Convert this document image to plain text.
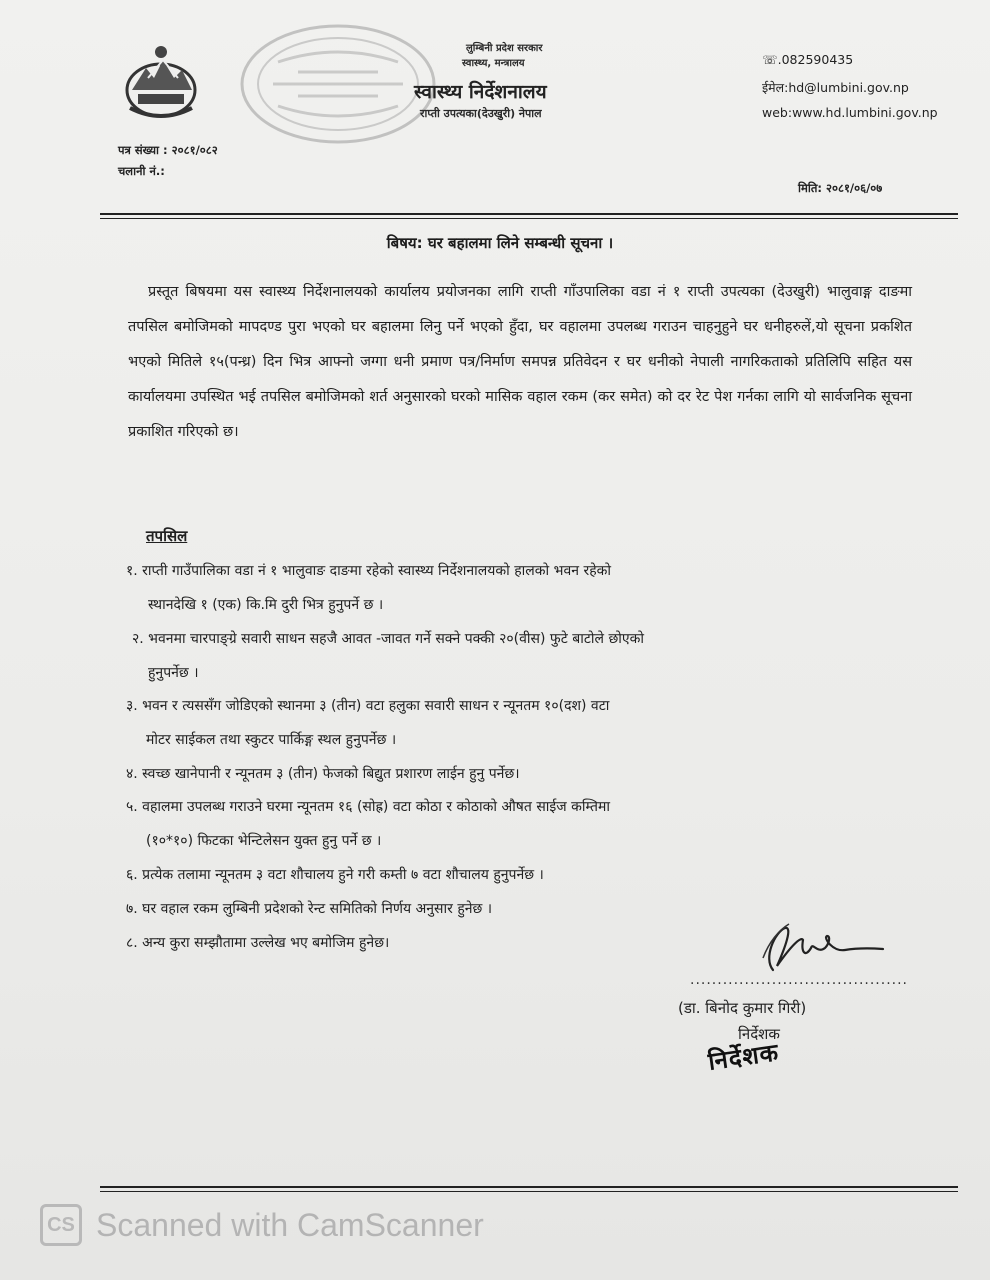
लुम्बिनी प्रदेश सरकार
स्वास्थ्य, मन्त्रालय
स्वास्थ्य निर्देशनालय
राप्ती उपत्यका(देउखुरी) नेपाल
☏.082590435
ईमेल:hd@lumbini.gov.np
web:www.hd.lumbini.gov.np
पत्र संख्या : २०८१/०८२
चलानी नं.:
मिति: २०८१/०६/०७
बिषय: घर बहालमा लिने सम्बन्धी सूचना ।
प्रस्तूत बिषयमा यस स्वास्थ्य निर्देशनालयको कार्यालय प्रयोजनका लागि राप्ती गाँउपालिका वडा नं १ राप्ती उपत्यका (देउखुरी) भालुवाङ्ग दाङमा तपसिल बमोजिमको मापदण्ड पुरा भएको घर बहालमा लिनु पर्ने भएको हुँदा, घर वहालमा उपलब्ध गराउन चाहनुहुने घर धनीहरुलें,यो सूचना प्रकशित भएको मितिले १५(पन्ध्र) दिन भित्र आफ्नो जग्गा धनी प्रमाण पत्र/निर्माण समपन्न प्रतिवेदन र घर धनीको नेपाली नागरिकताको प्रतिलिपि सहित यस कार्यालयमा उपस्थित भई तपसिल बमोजिमको शर्त अनुसारको घरको मासिक वहाल रकम (कर समेत) को दर रेट पेश गर्नका लागि यो सार्वजनिक सूचना प्रकाशित गरिएको छ।
तपसिल
१. राप्ती गाउँपालिका वडा नं १ भालुवाङ दाङमा रहेको स्वास्थ्य निर्देशनालयको हालको भवन रहेको
स्थानदेखि १ (एक) कि.मि दुरी भित्र हुनुपर्ने छ ।
२. भवनमा चारपाङ्ग्रे सवारी साधन सहजै आवत -जावत गर्ने सक्ने पक्की २०(वीस) फुटे बाटोले छोएको
हुनुपर्नेछ ।
३. भवन र त्यससँग जोडिएको स्थानमा ३ (तीन) वटा हलुका सवारी साधन र न्यूनतम १०(दश) वटा
मोटर साईकल तथा स्कुटर पार्किङ्ग स्थल हुनुपर्नेछ ।
४. स्वच्छ खानेपानी र न्यूनतम ३ (तीन) फेजको बिद्युत प्रशारण लाईन हुनु पर्नेछ।
५. वहालमा उपलब्ध गराउने घरमा न्यूनतम १६ (सोह्र) वटा कोठा र कोठाको औषत साईज कम्तिमा
(१०*१०) फिटका भेन्टिलेसन युक्त हुनु पर्ने छ ।
६. प्रत्येक तलामा न्यूनतम ३ वटा शौचालय हुने गरी कम्ती ७ वटा शौचालय हुनुपर्नेछ ।
७. घर वहाल रकम लुम्बिनी प्रदेशको रेन्ट समितिको निर्णय अनुसार हुनेछ ।
८. अन्य कुरा सम्झौतामा उल्लेख भए बमोजिम हुनेछ।
........................................
(डा. बिनोद कुमार गिरी)
निर्देशक
निर्देशक
CS Scanned with CamScanner
